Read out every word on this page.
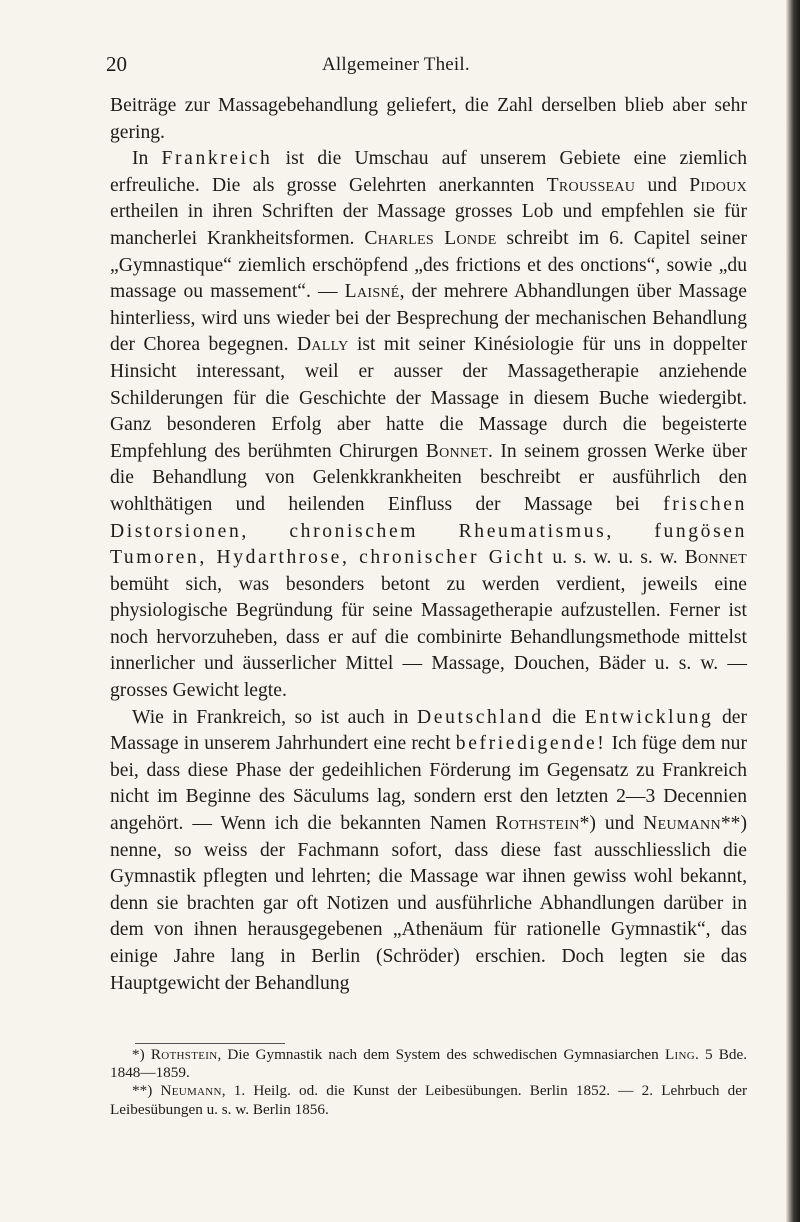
20	Allgemeiner Theil.

Beiträge zur Massagebehandlung geliefert, die Zahl derselben blieb aber sehr gering.

In Frankreich ist die Umschau auf unserem Gebiete eine ziemlich erfreuliche. Die als grosse Gelehrten anerkannten Trousseau und Pidoux ertheilen in ihren Schriften der Massage grosses Lob und empfehlen sie für mancherlei Krankheitsformen. Charles Londe schreibt im 6. Capitel seiner „Gymnastique“ ziemlich erschöpfend „des frictions et des onctions“, sowie „du massage ou massement“. — Laisné, der mehrere Abhandlungen über Massage hinterliess, wird uns wieder bei der Besprechung der mechanischen Behandlung der Chorea begegnen. Dally ist mit seiner Kinésiologie für uns in doppelter Hinsicht interessant, weil er ausser der Massagetherapie anziehende Schilderungen für die Geschichte der Massage in diesem Buche wiedergibt. Ganz besonderen Erfolg aber hatte die Massage durch die begeisterte Empfehlung des berühmten Chirurgen Bonnet. In seinem grossen Werke über die Behandlung von Gelenkkrankheiten beschreibt er ausführlich den wohlthätigen und heilenden Einfluss der Massage bei frischen Distorsionen, chronischem Rheumatismus, fungösen Tumoren, Hydarthrose, chronischer Gicht u. s. w. u. s. w. Bonnet bemüht sich, was besonders betont zu werden verdient, jeweils eine physiologische Begründung für seine Massagetherapie aufzustellen. Ferner ist noch hervorzuheben, dass er auf die combinirte Behandlungsmethode mittelst innerlicher und äusserlicher Mittel — Massage, Douchen, Bäder u. s. w. — grosses Gewicht legte.

Wie in Frankreich, so ist auch in Deutschland die Entwicklung der Massage in unserem Jahrhundert eine recht befriedigende! Ich füge dem nur bei, dass diese Phase der gedeihlichen Förderung im Gegensatz zu Frankreich nicht im Beginne des Säculums lag, sondern erst den letzten 2—3 Decennien angehört. — Wenn ich die bekannten Namen Rothstein*) und Neumann**) nenne, so weiss der Fachmann sofort, dass diese fast ausschliesslich die Gymnastik pflegten und lehrten; die Massage war ihnen gewiss wohl bekannt, denn sie brachten gar oft Notizen und ausführliche Abhandlungen darüber in dem von ihnen herausgegebenen „Athenäum für rationelle Gymnastik“, das einige Jahre lang in Berlin (Schröder) erschien. Doch legten sie das Hauptgewicht der Behandlung

*) Rothstein, Die Gymnastik nach dem System des schwedischen Gymnasiarchen Ling. 5 Bde. 1848—1859.

**) Neumann, 1. Heilg. od. die Kunst der Leibesübungen. Berlin 1852. — 2. Lehrbuch der Leibesübungen u. s. w. Berlin 1856.
